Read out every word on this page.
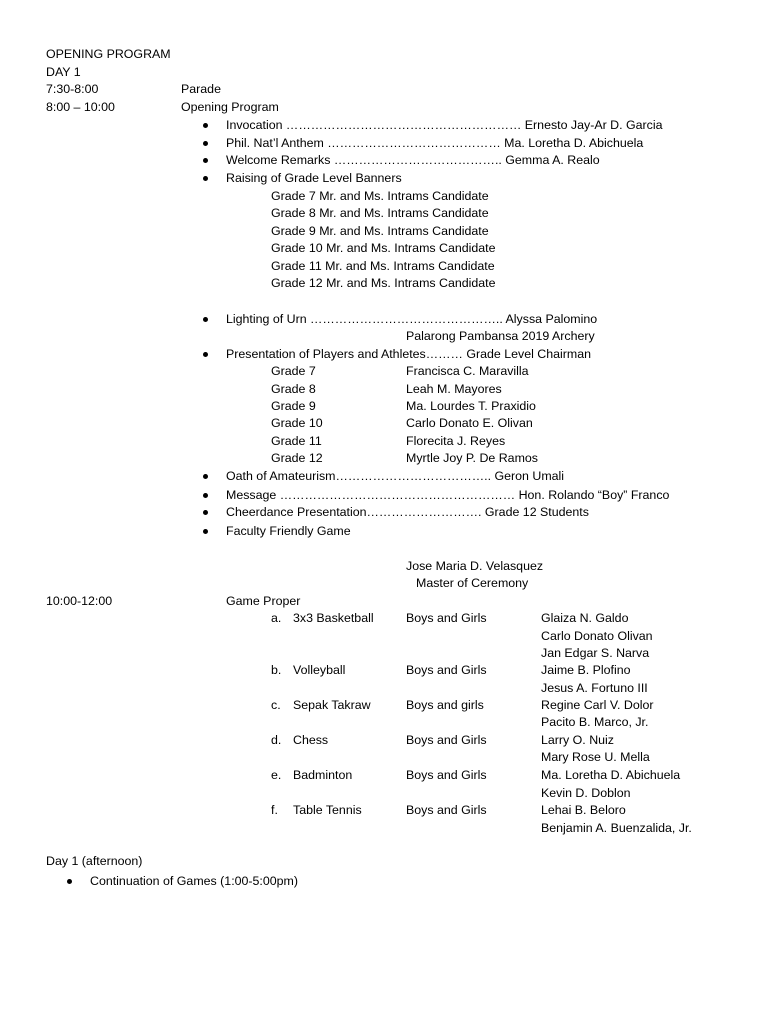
OPENING PROGRAM
DAY 1
7:30-8:00	Parade
8:00 – 10:00	Opening Program
Invocation ………………………………………………… Ernesto Jay-Ar D. Garcia
Phil. Nat’l Anthem …………………………………… Ma. Loretha D. Abichuela
Welcome Remarks ………………………………….. Gemma A. Realo
Raising of Grade Level Banners
Grade 7 Mr. and Ms. Intrams Candidate
Grade 8 Mr. and Ms. Intrams Candidate
Grade 9 Mr. and Ms. Intrams Candidate
Grade 10 Mr. and Ms. Intrams Candidate
Grade 11 Mr. and Ms. Intrams Candidate
Grade 12 Mr. and Ms. Intrams Candidate
Lighting of Urn ……………………………………….. Alyssa Palomino
Palarong Pambansa 2019 Archery
Presentation of Players and Athletes……… Grade Level Chairman
Grade 7	Francisca C. Maravilla
Grade 8	Leah M. Mayores
Grade 9	Ma. Lourdes T. Praxidio
Grade 10	Carlo Donato E. Olivan
Grade 11	Florecita J. Reyes
Grade 12	Myrtle Joy P. De Ramos
Oath of Amateurism……………………………….. Geron Umali
Message ………………………………………………… Hon. Rolando “Boy” Franco
Cheerdance Presentation………………………. Grade 12 Students
Faculty Friendly Game
Jose Maria D. Velasquez
Master of Ceremony
10:00-12:00	Game Proper
a. 3x3 Basketball	Boys and Girls	Glaiza N. Galdo
Carlo Donato Olivan
Jan Edgar S. Narva
b. Volleyball	Boys and Girls	Jaime B. Plofino
Jesus A. Fortuno III
c. Sepak Takraw	Boys and girls	Regine Carl V. Dolor
Pacito B. Marco, Jr.
d. Chess	Boys and Girls	Larry O. Nuiz
Mary Rose U. Mella
e. Badminton	Boys and Girls	Ma. Loretha D. Abichuela
Kevin D. Doblon
f. Table Tennis	Boys and Girls	Lehai B. Beloro
Benjamin A. Buenzalida, Jr.
Day 1 (afternoon)
Continuation of Games (1:00-5:00pm)
